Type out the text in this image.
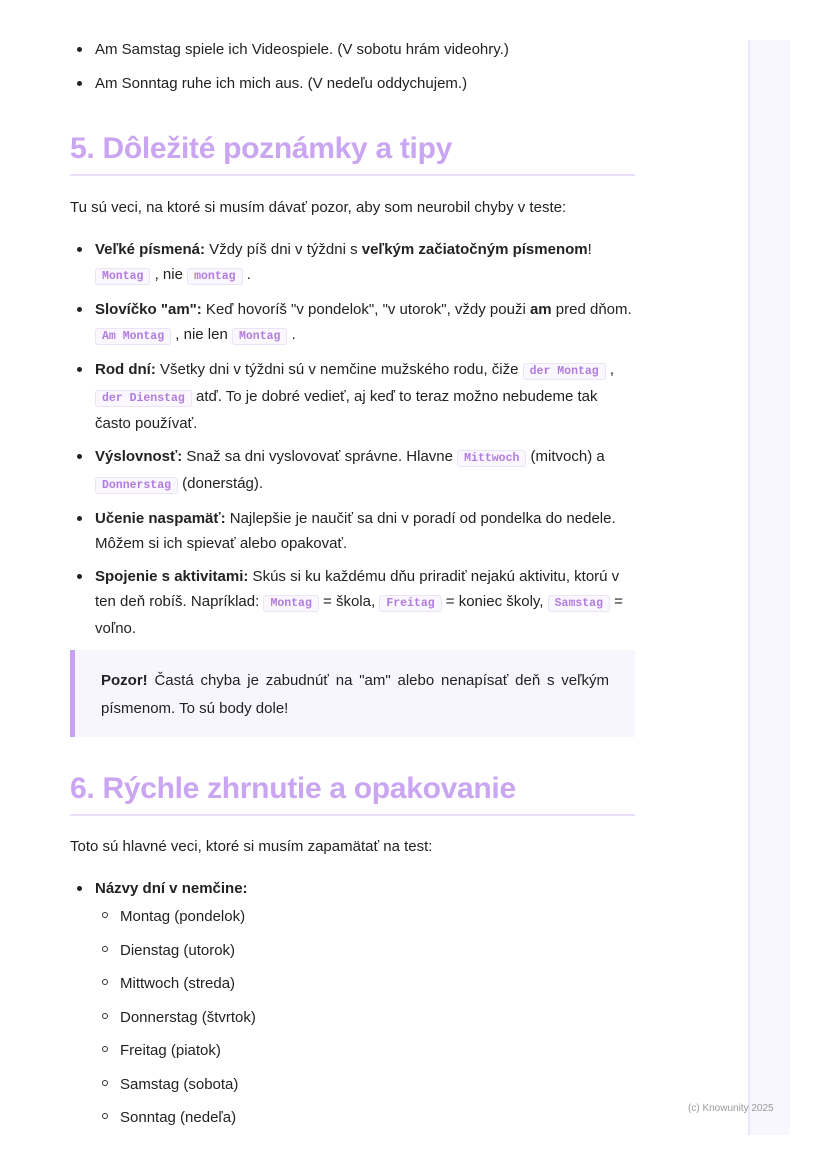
Am Samstag spiele ich Videospiele. (V sobotu hrám videohry.)
Am Sonntag ruhe ich mich aus. (V nedeľu oddychujem.)
5. Dôležité poznámky a tipy

Tu sú veci, na ktoré si musím dávať pozor, aby som neurobil chyby v teste:

Veľké písmená: Vždy píš dni v týždni s veľkým začiatočným písmenom! Montag , nie montag .
Slovíčko "am": Keď hovoríš "v pondelok", "v utorok", vždy použi am pred dňom. Am Montag , nie len Montag .
Rod dní: Všetky dni v týždni sú v nemčine mužského rodu, čiže der Montag , der Dienstag atď. To je dobré vedieť, aj keď to teraz možno nebudeme tak často používať.
Výslovnosť: Snaž sa dni vyslovovať správne. Hlavne Mittwoch (mitvoch) a Donnerstag (donerstág).
Učenie naspamäť: Najlepšie je naučiť sa dni v poradí od pondelka do nedele. Môžem si ich spievať alebo opakovať.
Spojenie s aktivitami: Skús si ku každému dňu priradiť nejakú aktivitu, ktorú v ten deň robíš. Napríklad: Montag = škola, Freitag = koniec školy, Samstag = voľno.
6. Rýchle zhrnutie a opakovanie

Toto sú hlavné veci, ktoré si musím zapamätať na test:

Názvy dní v nemčine:
Montag (pondelok)
Dienstag (utorok)
Mittwoch (streda)
Donnerstag (štvrtok)
Freitag (piatok)
Samstag (sobota)
Sonntag (nedeľa)
Pozor! Častá chyba je zabudnúť na "am" alebo nenapísať deň s veľkým písmenom. To sú body dole!
(c) Knowunity 2025
